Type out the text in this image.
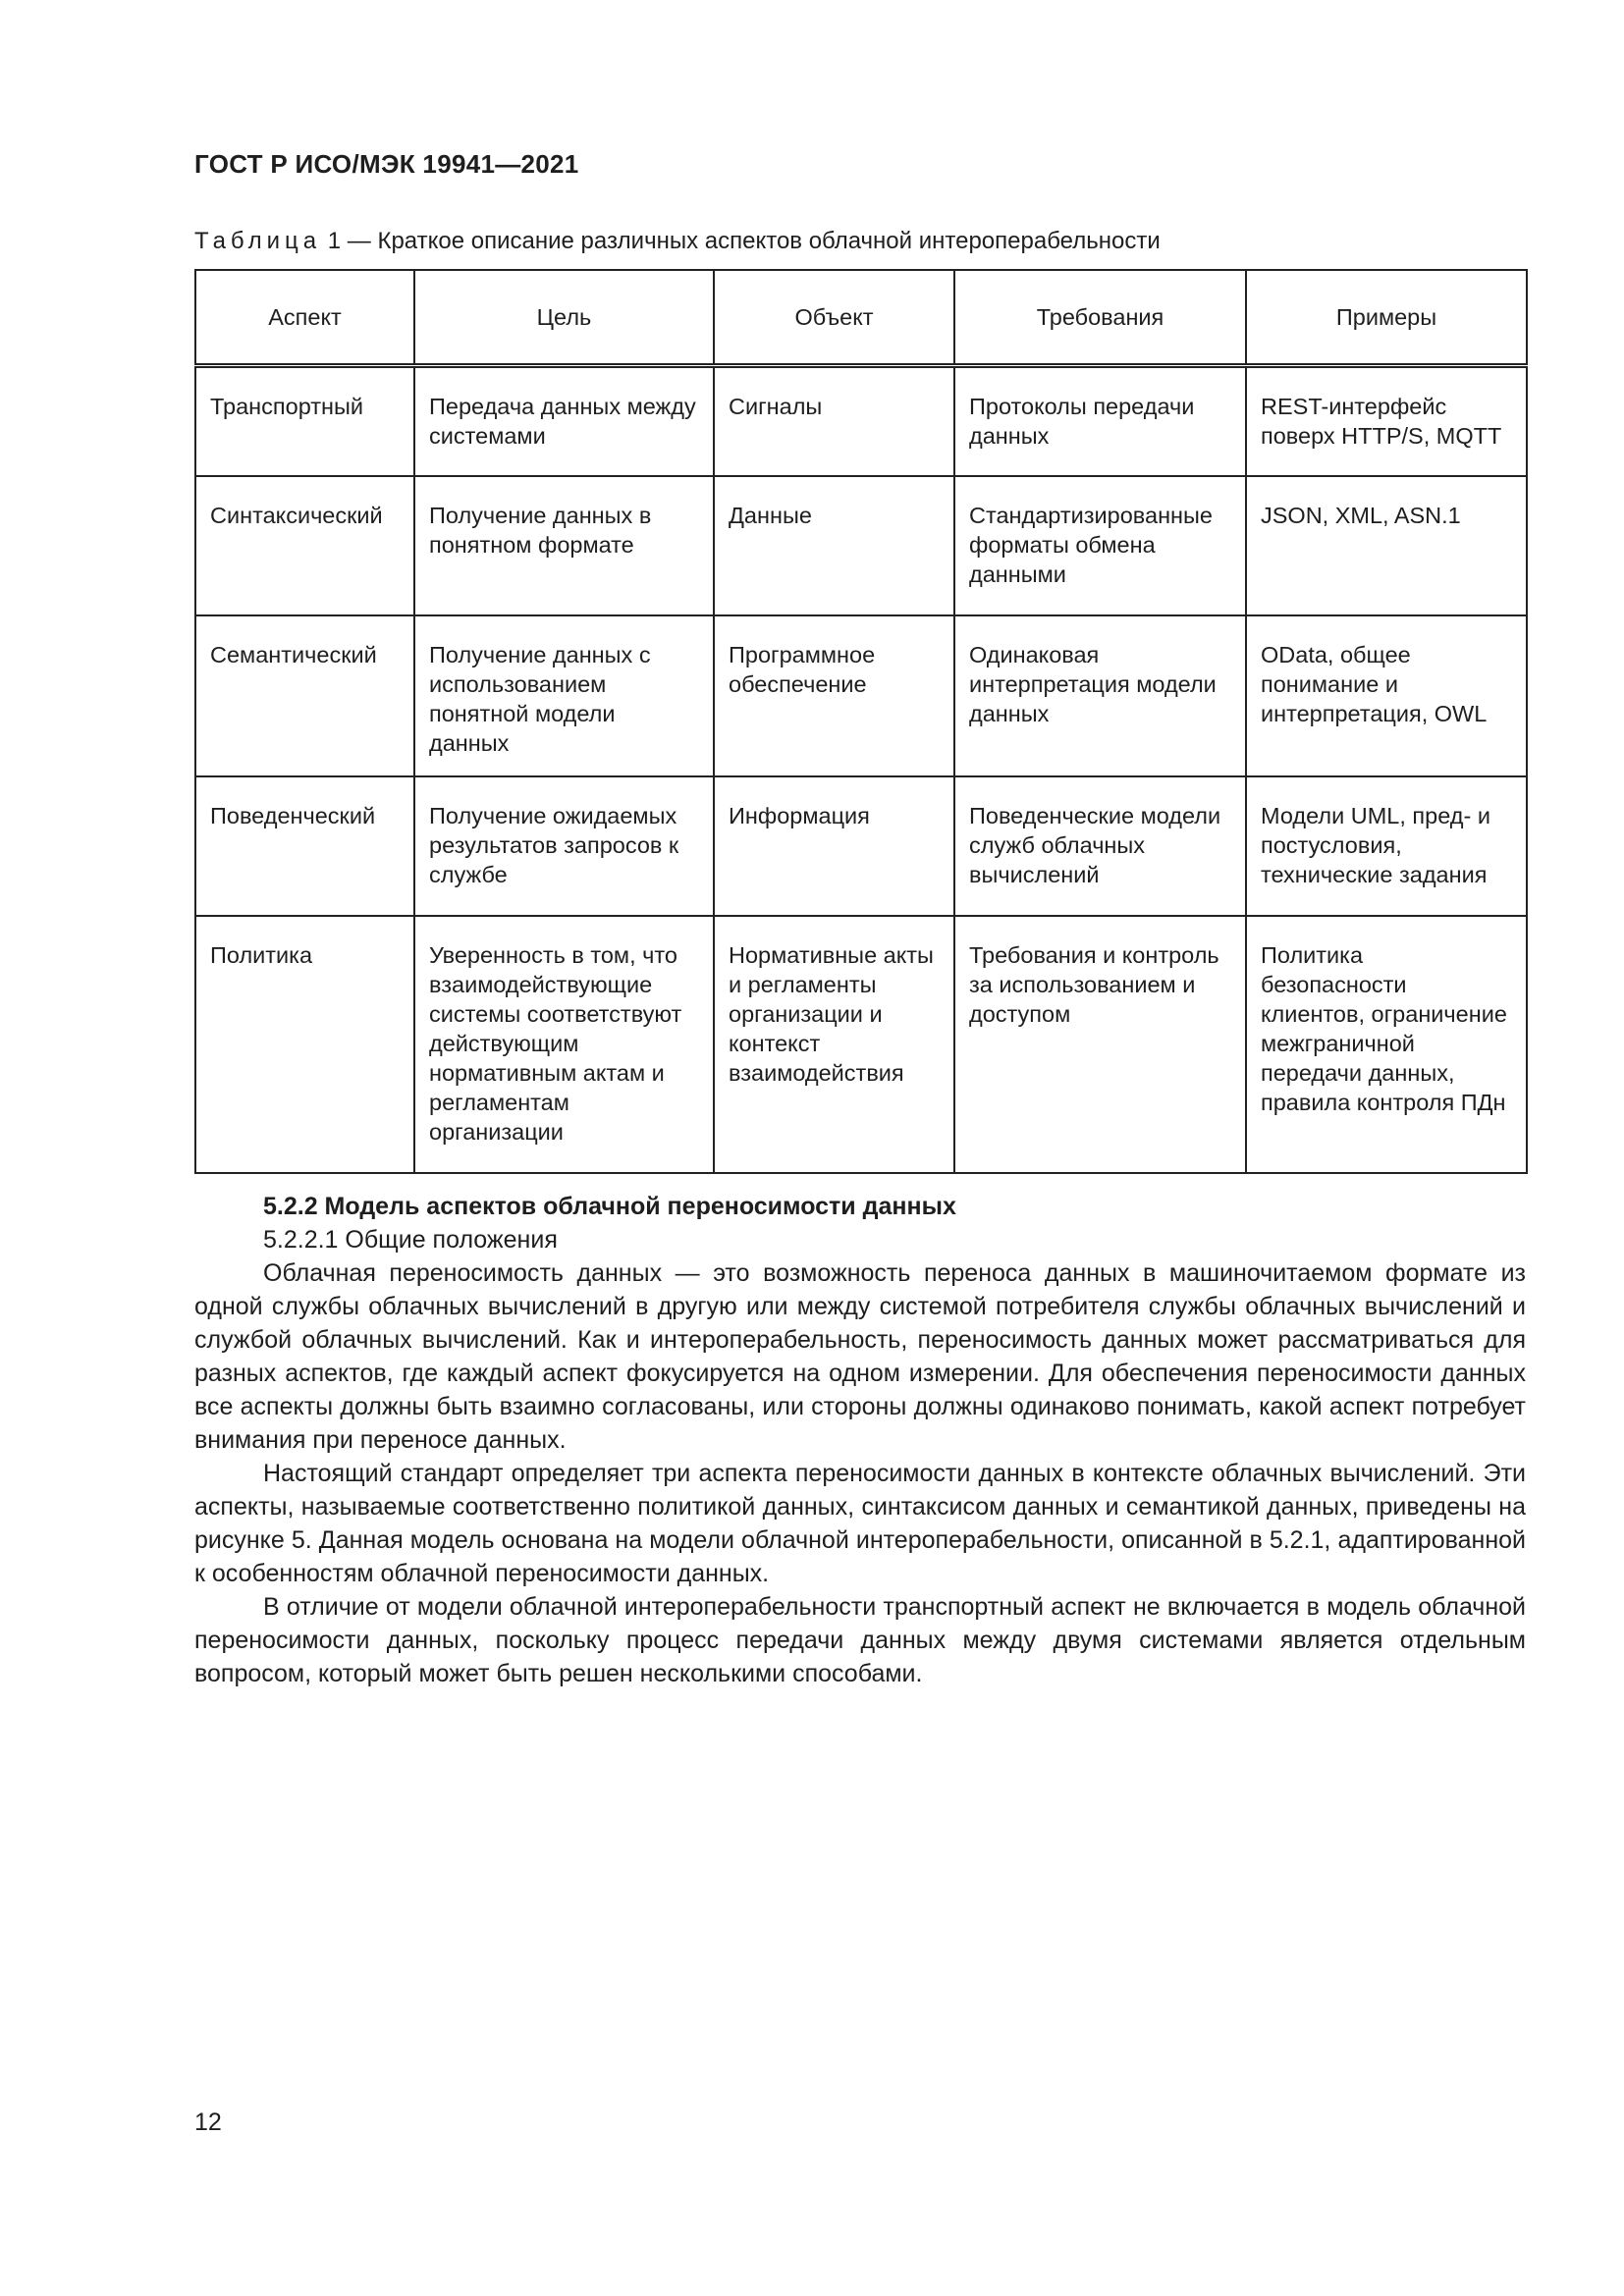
ГОСТ Р ИСО/МЭК 19941—2021
Таблица 1 — Краткое описание различных аспектов облачной интероперабельности
Аспект	Цель	Объект	Требования	Примеры
Транспортный	Передача данных между системами	Сигналы	Протоколы передачи данных	REST-интерфейс поверх HTTP/S, MQTT
Синтаксический	Получение данных в понятном формате	Данные	Стандартизированные форматы обмена данными	JSON, XML, ASN.1
Семантический	Получение данных с использованием понятной модели данных	Программное обеспечение	Одинаковая интерпретация модели данных	OData, общее понимание и интерпретация, OWL
Поведенческий	Получение ожидаемых результатов запросов к службе	Информация	Поведенческие модели служб облачных вычислений	Модели UML, пред- и постусловия, технические задания
Политика	Уверенность в том, что взаимодействующие системы соответствуют действующим нормативным актам и регламентам организации	Нормативные акты и регламенты организации и контекст взаимодействия	Требования и контроль за использованием и доступом	Политика безопасности клиентов, ограничение межграничной передачи данных, правила контроля ПДн
5.2.2 Модель аспектов облачной переносимости данных
5.2.2.1 Общие положения

Облачная переносимость данных — это возможность переноса данных в машиночитаемом формате из одной службы облачных вычислений в другую или между системой потребителя службы облачных вычислений и службой облачных вычислений. Как и интероперабельность, переносимость данных может рассматриваться для разных аспектов, где каждый аспект фокусируется на одном измерении. Для обеспечения переносимости данных все аспекты должны быть взаимно согласованы, или стороны должны одинаково понимать, какой аспект потребует внимания при переносе данных.

Настоящий стандарт определяет три аспекта переносимости данных в контексте облачных вычислений. Эти аспекты, называемые соответственно политикой данных, синтаксисом данных и семантикой данных, приведены на рисунке 5. Данная модель основана на модели облачной интероперабельности, описанной в 5.2.1, адаптированной к особенностям облачной переносимости данных.

В отличие от модели облачной интероперабельности транспортный аспект не включается в модель облачной переносимости данных, поскольку процесс передачи данных между двумя системами является отдельным вопросом, который может быть решен несколькими способами.

12
